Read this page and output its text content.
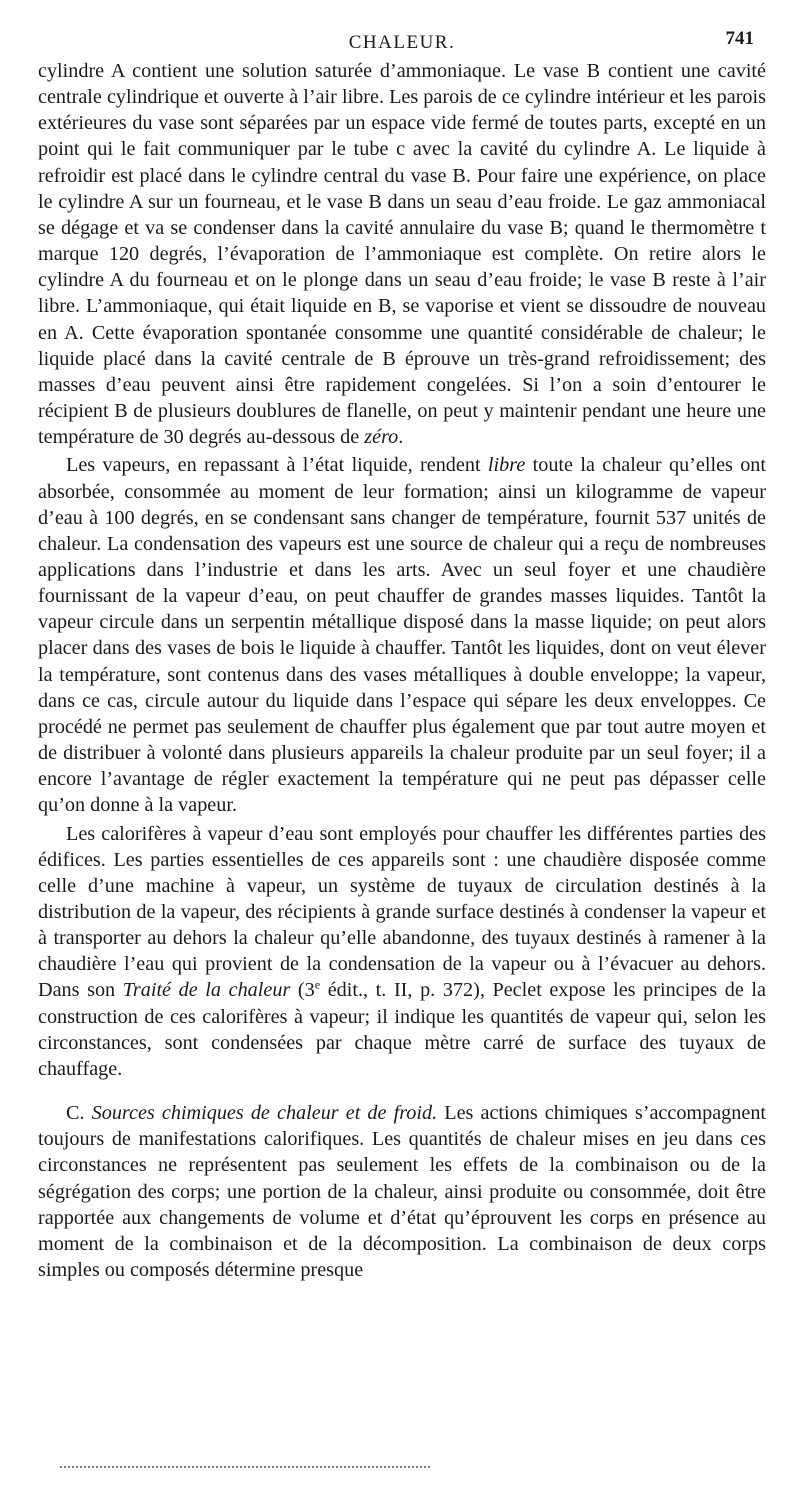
CHALEUR.	741

cylindre A contient une solution saturée d’ammoniaque. Le vase B contient une cavité centrale cylindrique et ouverte à l’air libre. Les parois de ce cylindre intérieur et les parois extérieures du vase sont séparées par un espace vide fermé de toutes parts, excepté en un point qui le fait communiquer par le tube c avec la cavité du cylindre A. Le liquide à refroidir est placé dans le cylindre central du vase B. Pour faire une expérience, on place le cylindre A sur un fourneau, et le vase B dans un seau d’eau froide. Le gaz ammoniacal se dégage et va se condenser dans la cavité annulaire du vase B; quand le thermomètre t marque 120 degrés, l’évaporation de l’ammoniaque est complète. On retire alors le cylindre A du fourneau et on le plonge dans un seau d’eau froide; le vase B reste à l’air libre. L’ammoniaque, qui était liquide en B, se vaporise et vient se dissoudre de nouveau en A. Cette évaporation spontanée consomme une quantité considérable de chaleur; le liquide placé dans la cavité centrale de B éprouve un très-grand refroidissement; des masses d’eau peuvent ainsi être rapidement congelées. Si l’on a soin d’entourer le récipient B de plusieurs doublures de flanelle, on peut y maintenir pendant une heure une température de 30 degrés au-dessous de zéro.

Les vapeurs, en repassant à l’état liquide, rendent libre toute la chaleur qu’elles ont absorbée, consommée au moment de leur formation; ainsi un kilogramme de vapeur d’eau à 100 degrés, en se condensant sans changer de température, fournit 537 unités de chaleur. La condensation des vapeurs est une source de chaleur qui a reçu de nombreuses applications dans l’industrie et dans les arts. Avec un seul foyer et une chaudière fournissant de la vapeur d’eau, on peut chauffer de grandes masses liquides. Tantôt la vapeur circule dans un serpentin métallique disposé dans la masse liquide; on peut alors placer dans des vases de bois le liquide à chauffer. Tantôt les liquides, dont on veut élever la température, sont contenus dans des vases métalliques à double enveloppe; la vapeur, dans ce cas, circule autour du liquide dans l’espace qui sépare les deux enveloppes. Ce procédé ne permet pas seulement de chauffer plus également que par tout autre moyen et de distribuer à volonté dans plusieurs appareils la chaleur produite par un seul foyer; il a encore l’avantage de régler exactement la température qui ne peut pas dépasser celle qu’on donne à la vapeur.

Les calorifères à vapeur d’eau sont employés pour chauffer les différentes parties des édifices. Les parties essentielles de ces appareils sont : une chaudière disposée comme celle d’une machine à vapeur, un système de tuyaux de circulation destinés à la distribution de la vapeur, des récipients à grande surface destinés à condenser la vapeur et à transporter au dehors la chaleur qu’elle abandonne, des tuyaux destinés à ramener à la chaudière l’eau qui provient de la condensation de la vapeur ou à l’évacuer au dehors. Dans son Traité de la chaleur (3e édit., t. II, p. 372), Peclet expose les principes de la construction de ces calorifères à vapeur; il indique les quantités de vapeur qui, selon les circonstances, sont condensées par chaque mètre carré de surface des tuyaux de chauffage.

C. Sources chimiques de chaleur et de froid. Les actions chimiques s’accompagnent toujours de manifestations calorifiques. Les quantités de chaleur mises en jeu dans ces circonstances ne représentent pas seulement les effets de la combinaison ou de la ségrégation des corps; une portion de la chaleur, ainsi produite ou consommée, doit être rapportée aux changements de volume et d’état qu’éprouvent les corps en présence au moment de la combinaison et de la décomposition. La combinaison de deux corps simples ou composés détermine presque
